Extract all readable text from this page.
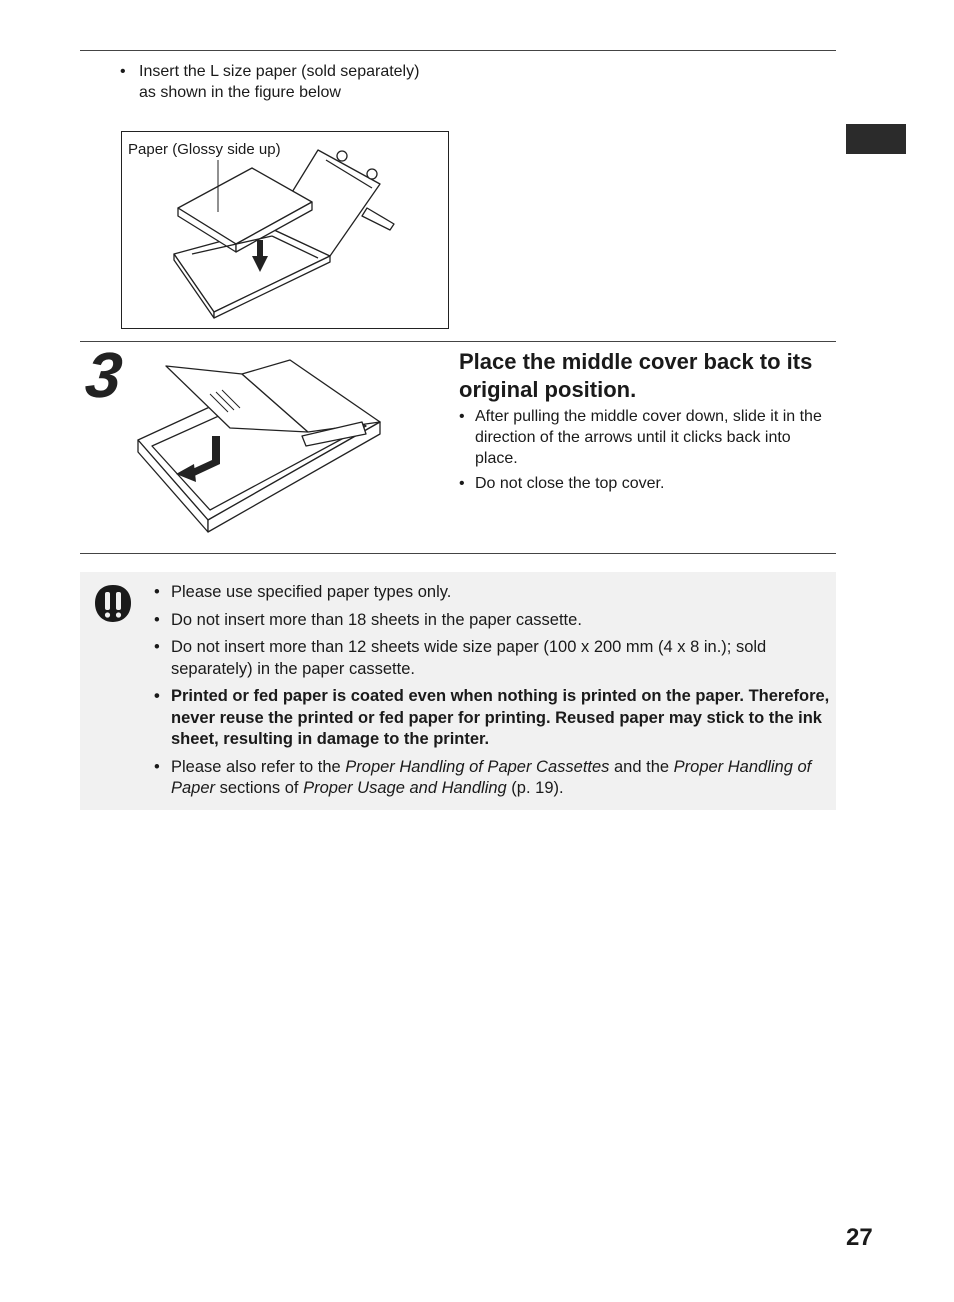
• Insert the L size paper (sold separately) as shown in the figure below
Paper (Glossy side up)
3	Place the middle cover back to its original position.
• After pulling the middle cover down, slide it in the direction of the arrows until it clicks back into place.
• Do not close the top cover.
• Please use specified paper types only.
• Do not insert more than 18 sheets in the paper cassette.
• Do not insert more than 12 sheets wide size paper (100 x 200 mm (4 x 8 in.); sold separately) in the paper cassette.
• Printed or fed paper is coated even when nothing is printed on the paper. Therefore, never reuse the printed or fed paper for printing. Reused paper may stick to the ink sheet, resulting in damage to the printer.
• Please also refer to the Proper Handling of Paper Cassettes and the Proper Handling of Paper sections of Proper Usage and Handling (p. 19).
27
